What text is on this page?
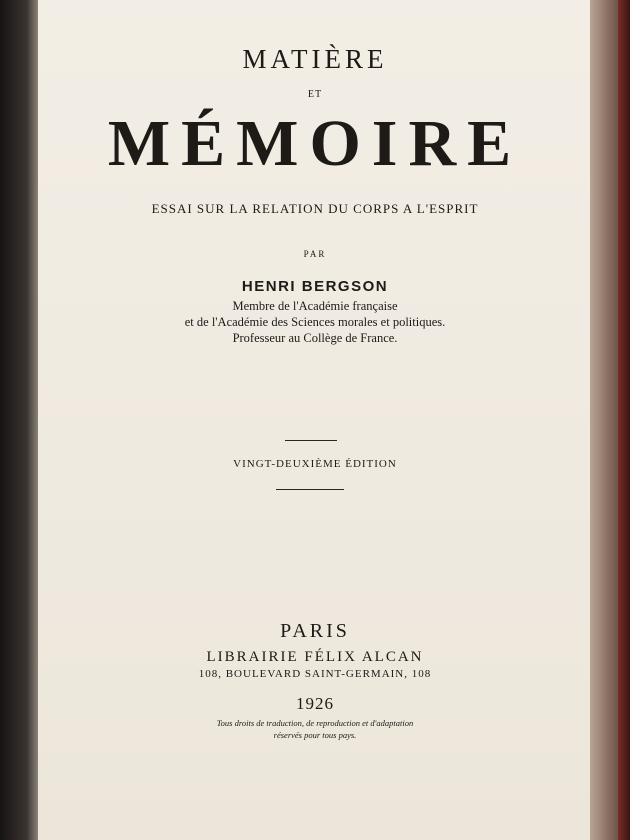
MATIÈRE
ET
MÉMOIRE
ESSAI SUR LA RELATION DU CORPS A L'ESPRIT
PAR
HENRI BERGSON
Membre de l'Académie française
et de l'Académie des Sciences morales et politiques.
Professeur au Collège de France.
VINGT-DEUXIÈME ÉDITION
PARIS
LIBRAIRIE FÉLIX ALCAN
108, BOULEVARD SAINT-GERMAIN, 108
1926
Tous droits de traduction, de reproduction et d'adaptation
réservés pour tous pays.
